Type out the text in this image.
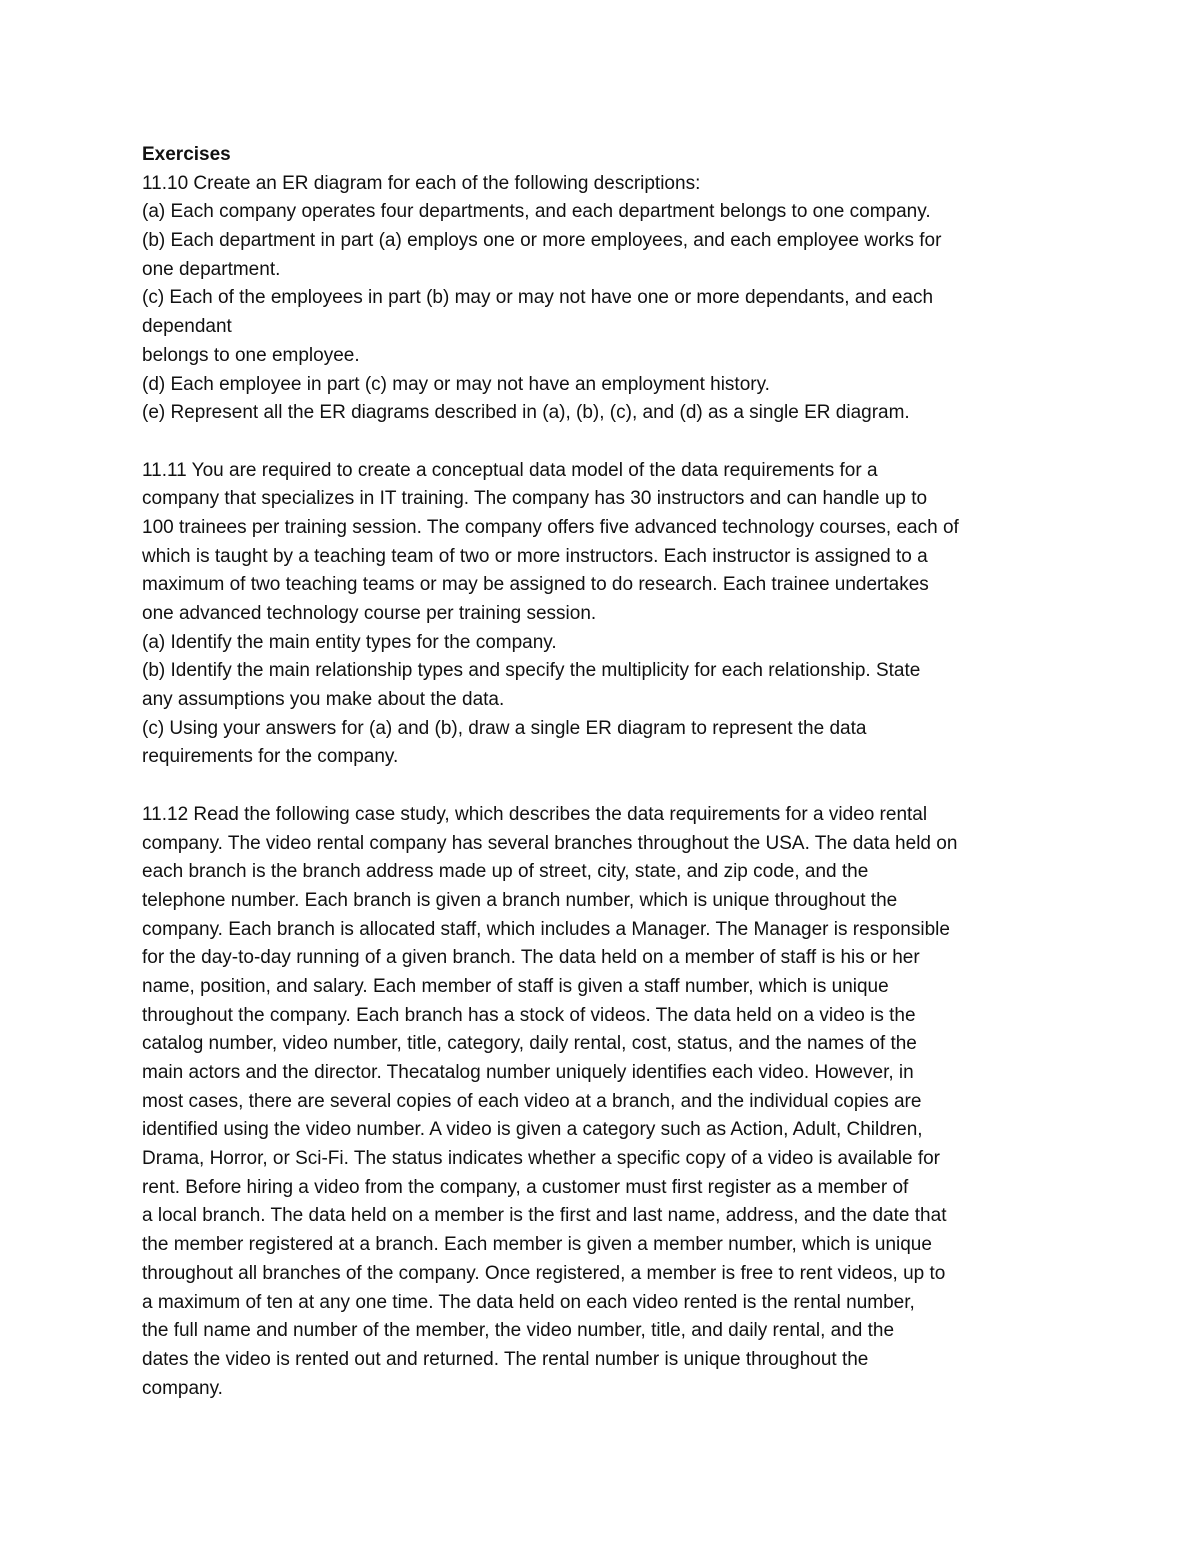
Exercises
11.10 Create an ER diagram for each of the following descriptions:
(a) Each company operates four departments, and each department belongs to one company.
(b) Each department in part (a) employs one or more employees, and each employee works for
one department.
(c) Each of the employees in part (b) may or may not have one or more dependants, and each
dependant
belongs to one employee.
(d) Each employee in part (c) may or may not have an employment history.
(e) Represent all the ER diagrams described in (a), (b), (c), and (d) as a single ER diagram.
11.11 You are required to create a conceptual data model of the data requirements for a
company that specializes in IT training. The company has 30 instructors and can handle up to
100 trainees per training session. The company offers five advanced technology courses, each of
which is taught by a teaching team of two or more instructors. Each instructor is assigned to a
maximum of two teaching teams or may be assigned to do research. Each trainee undertakes
one advanced technology course per training session.
(a) Identify the main entity types for the company.
(b) Identify the main relationship types and specify the multiplicity for each relationship. State
any assumptions you make about the data.
(c) Using your answers for (a) and (b), draw a single ER diagram to represent the data
requirements for the company.
11.12 Read the following case study, which describes the data requirements for a video rental
company. The video rental company has several branches throughout the USA. The data held on
each branch is the branch address made up of street, city, state, and zip code, and the
telephone number. Each branch is given a branch number, which is unique throughout the
company. Each branch is allocated staff, which includes a Manager. The Manager is responsible
for the day-to-day running of a given branch. The data held on a member of staff is his or her
name, position, and salary. Each member of staff is given a staff number, which is unique
throughout the company. Each branch has a stock of videos. The data held on a video is the
catalog number, video number, title, category, daily rental, cost, status, and the names of the
main actors and the director. Thecatalog number uniquely identifies each video. However, in
most cases, there are several copies of each video at a branch, and the individual copies are
identified using the video number. A video is given a category such as Action, Adult, Children,
Drama, Horror, or Sci-Fi. The status indicates whether a specific copy of a video is available for
rent. Before hiring a video from the company, a customer must first register as a member of
a local branch. The data held on a member is the first and last name, address, and the date that
the member registered at a branch. Each member is given a member number, which is unique
throughout all branches of the company. Once registered, a member is free to rent videos, up to
a maximum of ten at any one time. The data held on each video rented is the rental number,
the full name and number of the member, the video number, title, and daily rental, and the
dates the video is rented out and returned. The rental number is unique throughout the
company.
